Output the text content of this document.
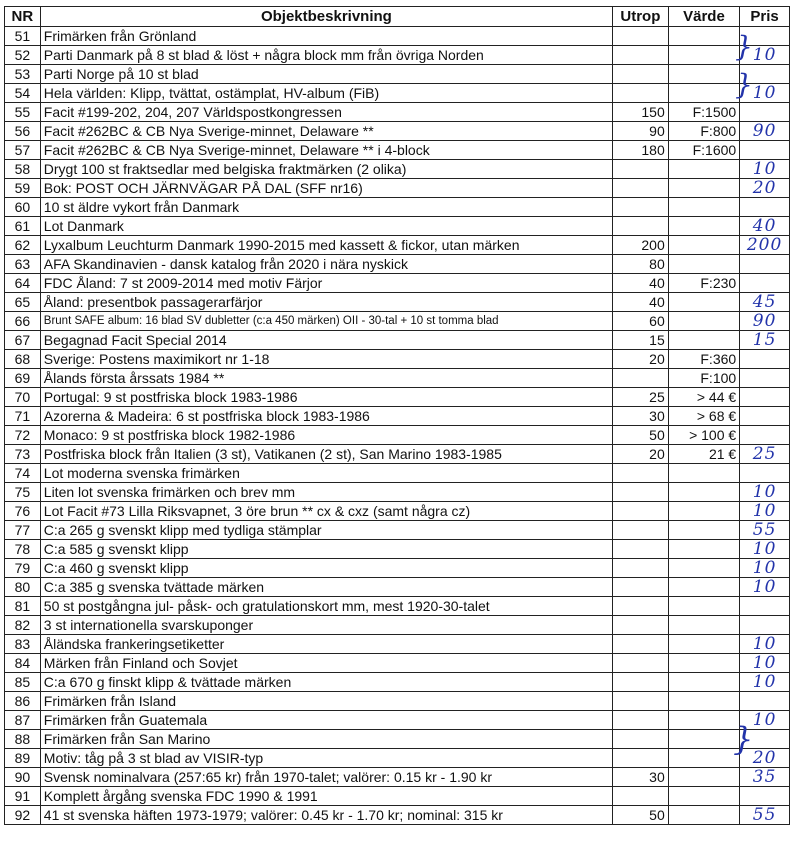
NR	Objektbeskrivning	Utrop	Värde	Pris
51	Frimärken från Grönland			
52	Parti Danmark på 8 st blad & löst + några block mm från övriga Norden			10
53	Parti Norge på 10 st blad			
54	Hela världen: Klipp, tvättat, ostämplat, HV-album (FiB)			10
55	Facit #199-202, 204, 207 Världspostkongressen	150	F:1500	
56	Facit #262BC & CB Nya Sverige-minnet, Delaware **	90	F:800	90
57	Facit #262BC & CB Nya Sverige-minnet, Delaware ** i 4-block	180	F:1600	
58	Drygt 100 st fraktsedlar med belgiska fraktmärken (2 olika)			10
59	Bok: POST OCH JÄRNVÄGAR PÅ DAL (SFF nr16)			20
60	10 st äldre vykort från Danmark			
61	Lot Danmark			40
62	Lyxalbum Leuchturm Danmark 1990-2015 med kassett & fickor, utan märken	200		200
63	AFA Skandinavien - dansk katalog från 2020 i nära nyskick	80		
64	FDC Åland: 7 st 2009-2014 med motiv Färjor	40	F:230	
65	Åland: presentbok passagerarfärjor	40		45
66	Brunt SAFE album: 16 blad SV dubletter (c:a 450 märken) OII - 30-tal + 10 st tomma blad	60		90
67	Begagnad Facit Special 2014	15		15
68	Sverige: Postens maximikort nr 1-18	20	F:360	
69	Ålands första årssats 1984 **		F:100	
70	Portugal: 9 st postfriska block 1983-1986	25	> 44 €	
71	Azorerna & Madeira: 6 st postfriska block 1983-1986	30	> 68 €	
72	Monaco: 9 st postfriska block 1982-1986	50	> 100 €	
73	Postfriska block från Italien (3 st), Vatikanen (2 st), San Marino 1983-1985	20	21 €	25
74	Lot moderna svenska frimärken			
75	Liten lot svenska frimärken och brev mm			10
76	Lot Facit #73 Lilla Riksvapnet, 3 öre brun ** cx & cxz (samt några cz)			10
77	C:a 265 g svenskt klipp med tydliga stämplar			55
78	C:a 585 g svenskt klipp			10
79	C:a 460 g svenskt klipp			10
80	C:a 385 g svenska tvättade märken			10
81	50 st postgångna jul- påsk- och gratulationskort mm, mest 1920-30-talet			
82	3 st internationella svarskuponger			
83	Åländska frankeringsetiketter			10
84	Märken från Finland och Sovjet			10
85	C:a 670 g finskt klipp & tvättade märken			10
86	Frimärken från Island			
87	Frimärken från Guatemala			10
88	Frimärken från San Marino			
89	Motiv: tåg på 3 st blad av VISIR-typ			20
90	Svensk nominalvara (257:65 kr) från 1970-talet; valörer: 0.15 kr - 1.90 kr	30		35
91	Komplett årgång svenska FDC 1990 & 1991			
92	41 st svenska häften 1973-1979; valörer: 0.45 kr - 1.70 kr; nominal: 315 kr	50		55
}
}
}
